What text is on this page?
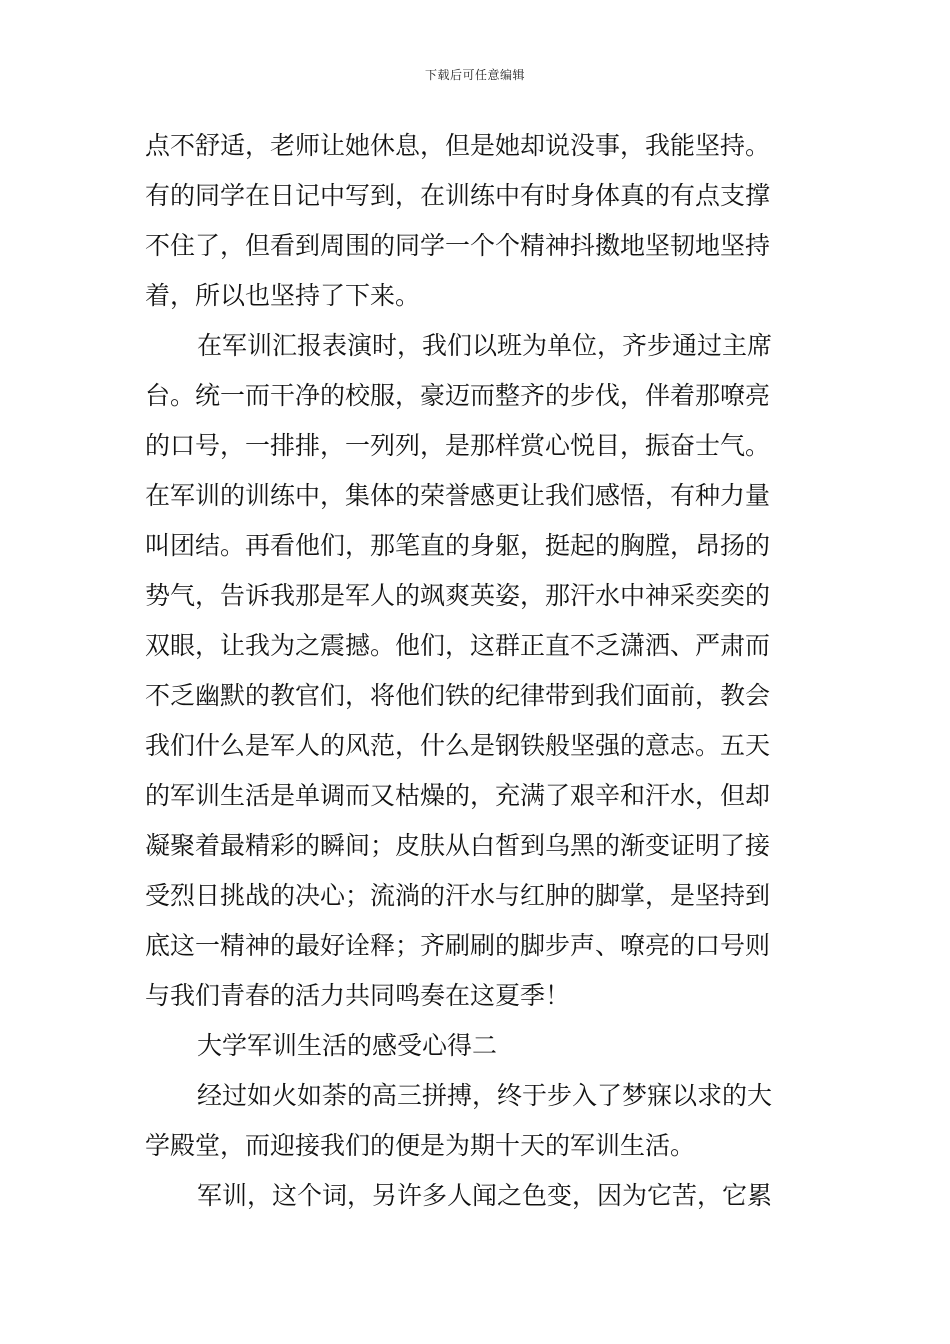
下载后可任意编辑
点不舒适，老师让她休息，但是她却说没事，我能坚持。
有的同学在日记中写到，在训练中有时身体真的有点支撑
不住了，但看到周围的同学一个个精神抖擞地坚韧地坚持
着，所以也坚持了下来。
在军训汇报表演时，我们以班为单位，齐步通过主席
台。统一而干净的校服，豪迈而整齐的步伐，伴着那嘹亮
的口号，一排排，一列列，是那样赏心悦目，振奋士气。
在军训的训练中，集体的荣誉感更让我们感悟，有种力量
叫团结。再看他们，那笔直的身躯，挺起的胸膛，昂扬的
势气，告诉我那是军人的飒爽英姿，那汗水中神采奕奕的
双眼，让我为之震撼。他们，这群正直不乏潇洒、严肃而
不乏幽默的教官们，将他们铁的纪律带到我们面前，教会
我们什么是军人的风范，什么是钢铁般坚强的意志。五天
的军训生活是单调而又枯燥的，充满了艰辛和汗水，但却
凝聚着最精彩的瞬间；皮肤从白皙到乌黑的渐变证明了接
受烈日挑战的决心；流淌的汗水与红肿的脚掌，是坚持到
底这一精神的最好诠释；齐刷刷的脚步声、嘹亮的口号则
与我们青春的活力共同鸣奏在这夏季！
大学军训生活的感受心得二
经过如火如荼的高三拼搏，终于步入了梦寐以求的大
学殿堂，而迎接我们的便是为期十天的军训生活。
军训，这个词，另许多人闻之色变，因为它苦，它累
